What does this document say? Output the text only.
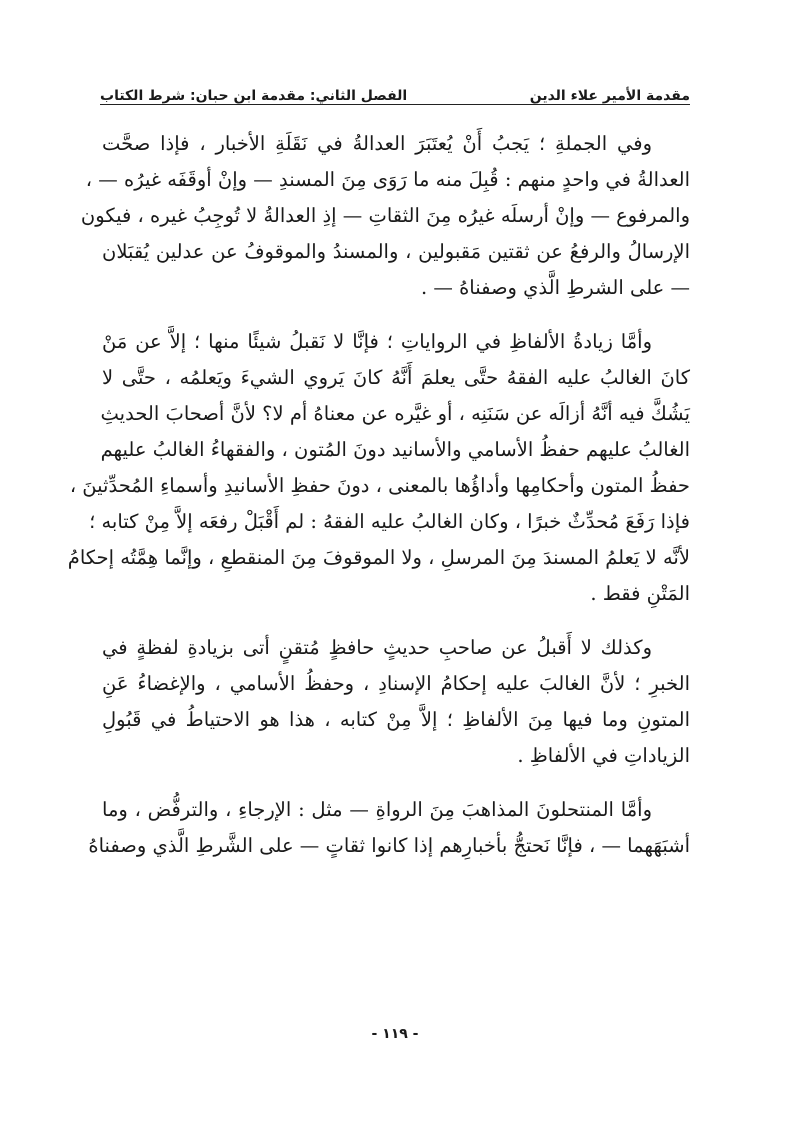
مقدمة الأمير علاء الدين
الفصل الثاني: مقدمة ابن حبان: شرط الكتاب
وفي الجملةِ ؛ يَجبُ أَنْ يُعتَبَرَ العدالةُ في نَقَلَةِ الأخبار ، فإذا صحَّت
العدالةُ في واحدٍ منهم : قُبِلَ منه ما رَوَى مِنَ المسندِ — وإنْ أوقَفَه غيرُه — ،
والمرفوع — وإنْ أرسلَه غيرُه مِنَ الثقاتِ — إذِ العدالةُ لا تُوجِبُ غيره ، فيكون
الإرسالُ والرفعُ عن ثقتين مَقبولين ، والمسندُ والموقوفُ عن عدلين يُقبَلان
— على الشرطِ الَّذي وصفناهُ — .
وأمَّا زيادةُ الألفاظِ في الرواياتِ ؛ فإنَّا لا نَقبلُ شيئًا منها ؛ إلاَّ عن مَنْ
كانَ الغالبُ عليه الفقهُ حتَّى يعلمَ أَنَّهُ كانَ يَروي الشيءَ ويَعلمُه ، حتَّى لا
يَشُكَّ فيه أنَّهُ أزالَه عن سَنَنِه ، أو غيَّره عن معناهُ أم لا؟ لأنَّ أصحابَ الحديثِ
الغالبُ عليهم حفظُ الأسامي والأسانيد دونَ المُتون ، والفقهاءُ الغالبُ عليهم
حفظُ المتون وأحكامِها وأداؤُها بالمعنى ، دونَ حفظِ الأسانيدِ وأسماءِ المُحدِّثينَ ،
فإذا رَفَعَ مُحدِّثٌ خبرًا ، وكان الغالبُ عليه الفقهُ : لم أَقْبَلْ رفعَه إلاَّ مِنْ كتابه ؛
لأنَّه لا يَعلمُ المسندَ مِنَ المرسلِ ، ولا الموقوفَ مِنَ المنقطعِ ، وإنَّما هِمَّتُه إحكامُ
المَتْنِ فقط .
وكذلك لا أَقبلُ عن صاحبِ حديثٍ حافظٍ مُتقنٍ أتى بزيادةِ لفظةٍ في
الخبرِ ؛ لأنَّ الغالبَ عليه إحكامُ الإسنادِ ، وحفظُ الأسامي ، والإغضاءُ عَنِ
المتونِ وما فيها مِنَ الألفاظِ ؛ إلاَّ مِنْ كتابه ، هذا هو الاحتياطُ في قَبُولِ
الزياداتِ في الألفاظِ .
وأمَّا المنتحلونَ المذاهبَ مِنَ الرواةِ — مثل : الإرجاءِ ، والترفُّض ، وما
أشبَهَهما — ، فإنَّا نَحتجُّ بأخبارِهم إذا كانوا ثقاتٍ — على الشَّرطِ الَّذي وصفناهُ
- ١١٩ -
